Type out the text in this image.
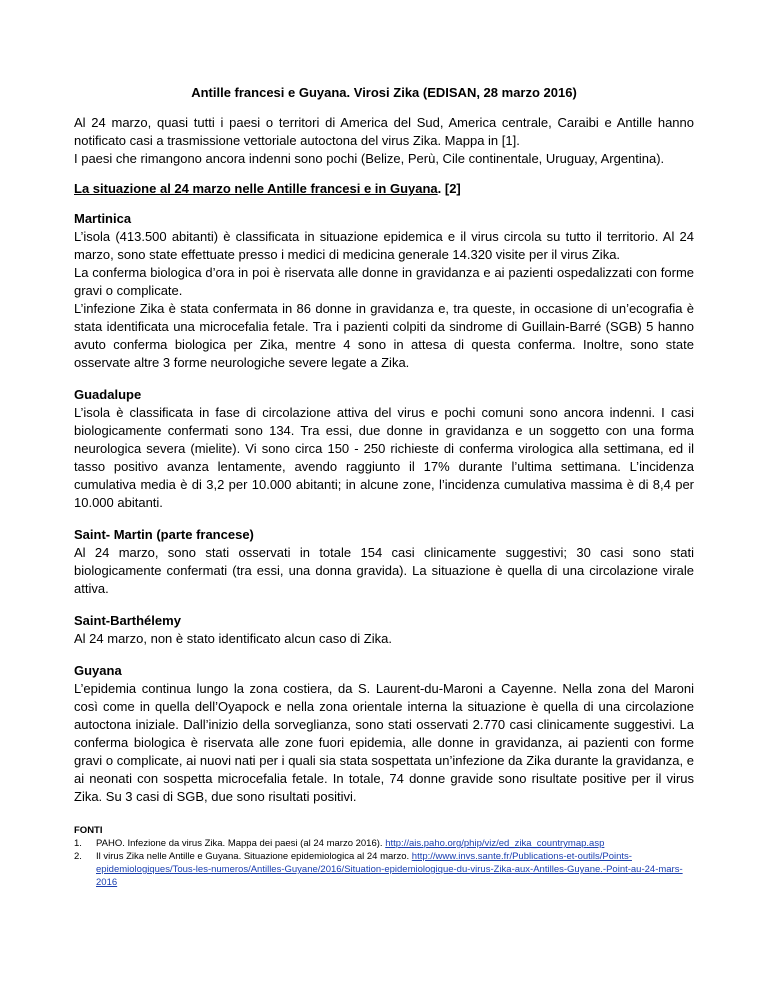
Antille francesi e Guyana. Virosi Zika (EDISAN, 28 marzo 2016)

Al 24 marzo, quasi tutti i paesi o territori di America del Sud, America centrale, Caraibi e Antille hanno notificato casi a trasmissione vettoriale autoctona del virus Zika. Mappa in [1].

I paesi che rimangono ancora indenni sono pochi (Belize, Perù, Cile continentale, Uruguay, Argentina).

La situazione al 24 marzo nelle Antille francesi e in Guyana. [2]
Martinica

L’isola (413.500 abitanti) è classificata in situazione epidemica e il virus circola su tutto il territorio. Al 24 marzo, sono state effettuate presso i medici di medicina generale 14.320 visite per il virus Zika.

La conferma biologica d’ora in poi è riservata alle donne in gravidanza e ai pazienti ospedalizzati con forme gravi o complicate.

L’infezione Zika è stata confermata in 86 donne in gravidanza e, tra queste, in occasione di un’ecografia è stata identificata una microcefalia fetale. Tra i pazienti colpiti da sindrome di Guillain-Barré (SGB) 5 hanno avuto conferma biologica per Zika, mentre 4 sono in attesa di questa conferma. Inoltre, sono state osservate altre 3 forme neurologiche severe legate a Zika.

Guadalupe

L’isola è classificata in fase di circolazione attiva del virus e pochi comuni sono ancora indenni. I casi biologicamente confermati sono 134. Tra essi, due donne in gravidanza e un soggetto con una forma neurologica severa (mielite). Vi sono circa 150 - 250 richieste di conferma virologica alla settimana, ed il tasso positivo avanza lentamente, avendo raggiunto il 17% durante l’ultima settimana. L’incidenza cumulativa media è di 3,2 per 10.000 abitanti; in alcune zone, l’incidenza cumulativa massima è di 8,4 per 10.000 abitanti.

Saint- Martin (parte francese)

Al 24 marzo, sono stati osservati in totale 154 casi clinicamente suggestivi; 30 casi sono stati biologicamente confermati (tra essi, una donna gravida). La situazione è quella di una circolazione virale attiva.

Saint-Barthélemy

Al 24 marzo, non è stato identificato alcun caso di Zika.

Guyana

L’epidemia continua lungo la zona costiera, da S. Laurent-du-Maroni a Cayenne. Nella zona del Maroni così come in quella dell’Oyapock e nella zona orientale interna la situazione è quella di una circolazione autoctona iniziale. Dall’inizio della sorveglianza, sono stati osservati 2.770 casi clinicamente suggestivi. La conferma biologica è riservata alle zone fuori epidemia, alle donne in gravidanza, ai pazienti con forme gravi o complicate, ai nuovi nati per i quali sia stata sospettata un’infezione da Zika durante la gravidanza, e ai neonati con sospetta microcefalia fetale. In totale, 74 donne gravide sono risultate positive per il virus Zika. Su 3 casi di SGB, due sono risultati positivi.

FONTI
1.	PAHO. Infezione da virus Zika. Mappa dei paesi (al 24 marzo 2016). http://ais.paho.org/phip/viz/ed_zika_countrymap.asp
2.	Il virus Zika nelle Antille e Guyana. Situazione epidemiologica al 24 marzo. http://www.invs.sante.fr/Publications-et-outils/Points-epidemiologiques/Tous-les-numeros/Antilles-Guyane/2016/Situation-epidemiologique-du-virus-Zika-aux-Antilles-Guyane.-Point-au-24-mars-2016
